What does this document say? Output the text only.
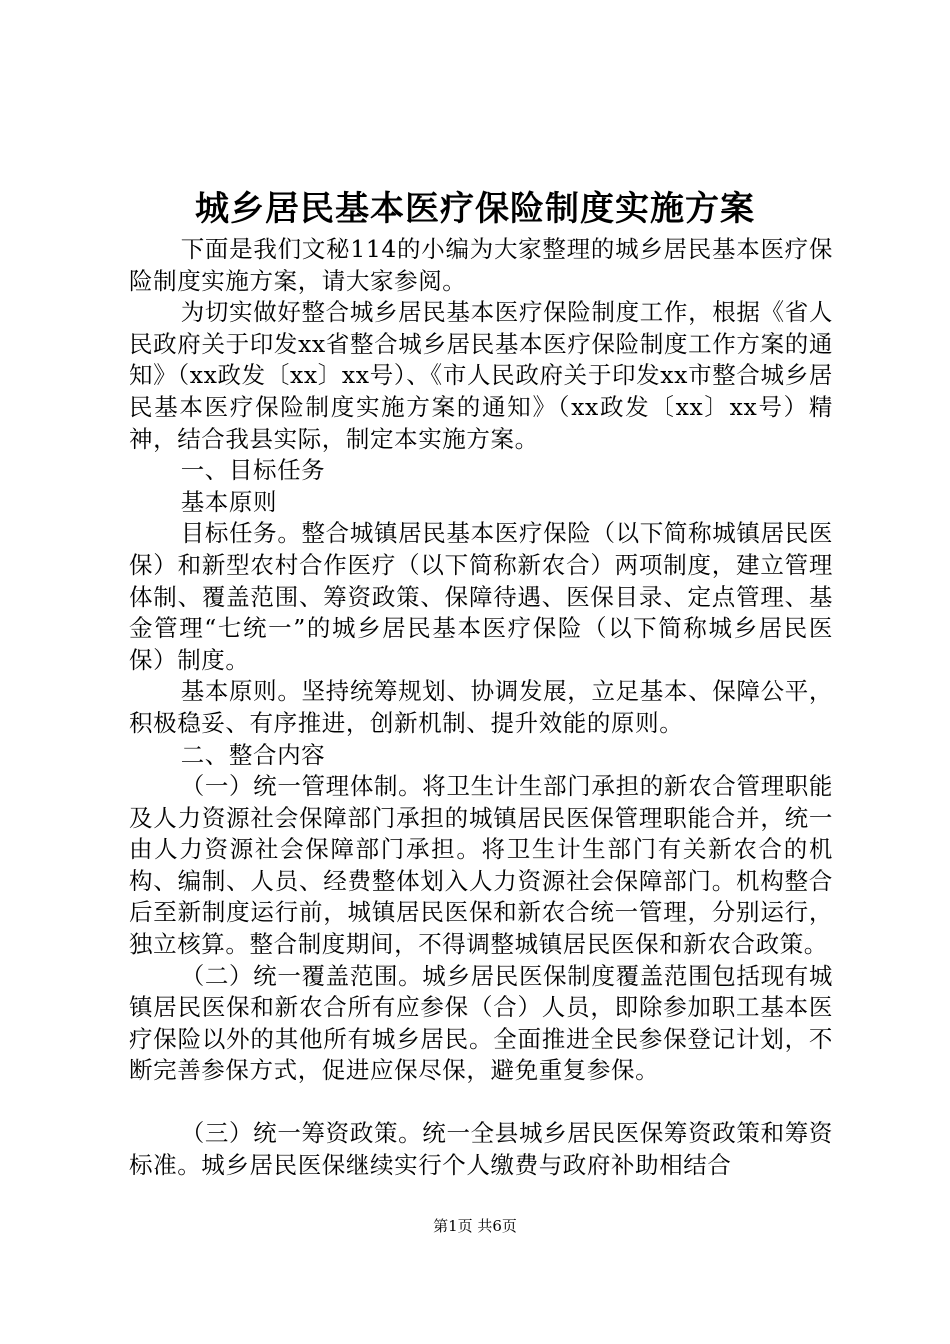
城乡居民基本医疗保险制度实施方案

下面是我们文秘114的小编为大家整理的城乡居民基本医疗保险制度实施方案，请大家参阅。

为切实做好整合城乡居民基本医疗保险制度工作，根据《省人民政府关于印发xx省整合城乡居民基本医疗保险制度工作方案的通知》（xx政发〔xx〕xx号）、《市人民政府关于印发xx市整合城乡居民基本医疗保险制度实施方案的通知》（xx政发〔xx〕xx号）精神，结合我县实际，制定本实施方案。

一、目标任务

基本原则

目标任务。整合城镇居民基本医疗保险（以下简称城镇居民医保）和新型农村合作医疗（以下简称新农合）两项制度，建立管理体制、覆盖范围、筹资政策、保障待遇、医保目录、定点管理、基金管理“七统一”的城乡居民基本医疗保险（以下简称城乡居民医保）制度。

基本原则。坚持统筹规划、协调发展，立足基本、保障公平，积极稳妥、有序推进，创新机制、提升效能的原则。

二、整合内容

（一）统一管理体制。将卫生计生部门承担的新农合管理职能及人力资源社会保障部门承担的城镇居民医保管理职能合并，统一由人力资源社会保障部门承担。将卫生计生部门有关新农合的机构、编制、人员、经费整体划入人力资源社会保障部门。机构整合后至新制度运行前，城镇居民医保和新农合统一管理，分别运行，独立核算。整合制度期间，不得调整城镇居民医保和新农合政策。

（二）统一覆盖范围。城乡居民医保制度覆盖范围包括现有城镇居民医保和新农合所有应参保（合）人员，即除参加职工基本医疗保险以外的其他所有城乡居民。全面推进全民参保登记计划，不断完善参保方式，促进应保尽保，避免重复参保。

（三）统一筹资政策。统一全县城乡居民医保筹资政策和筹资标准。城乡居民医保继续实行个人缴费与政府补助相结合

第1页 共6页
